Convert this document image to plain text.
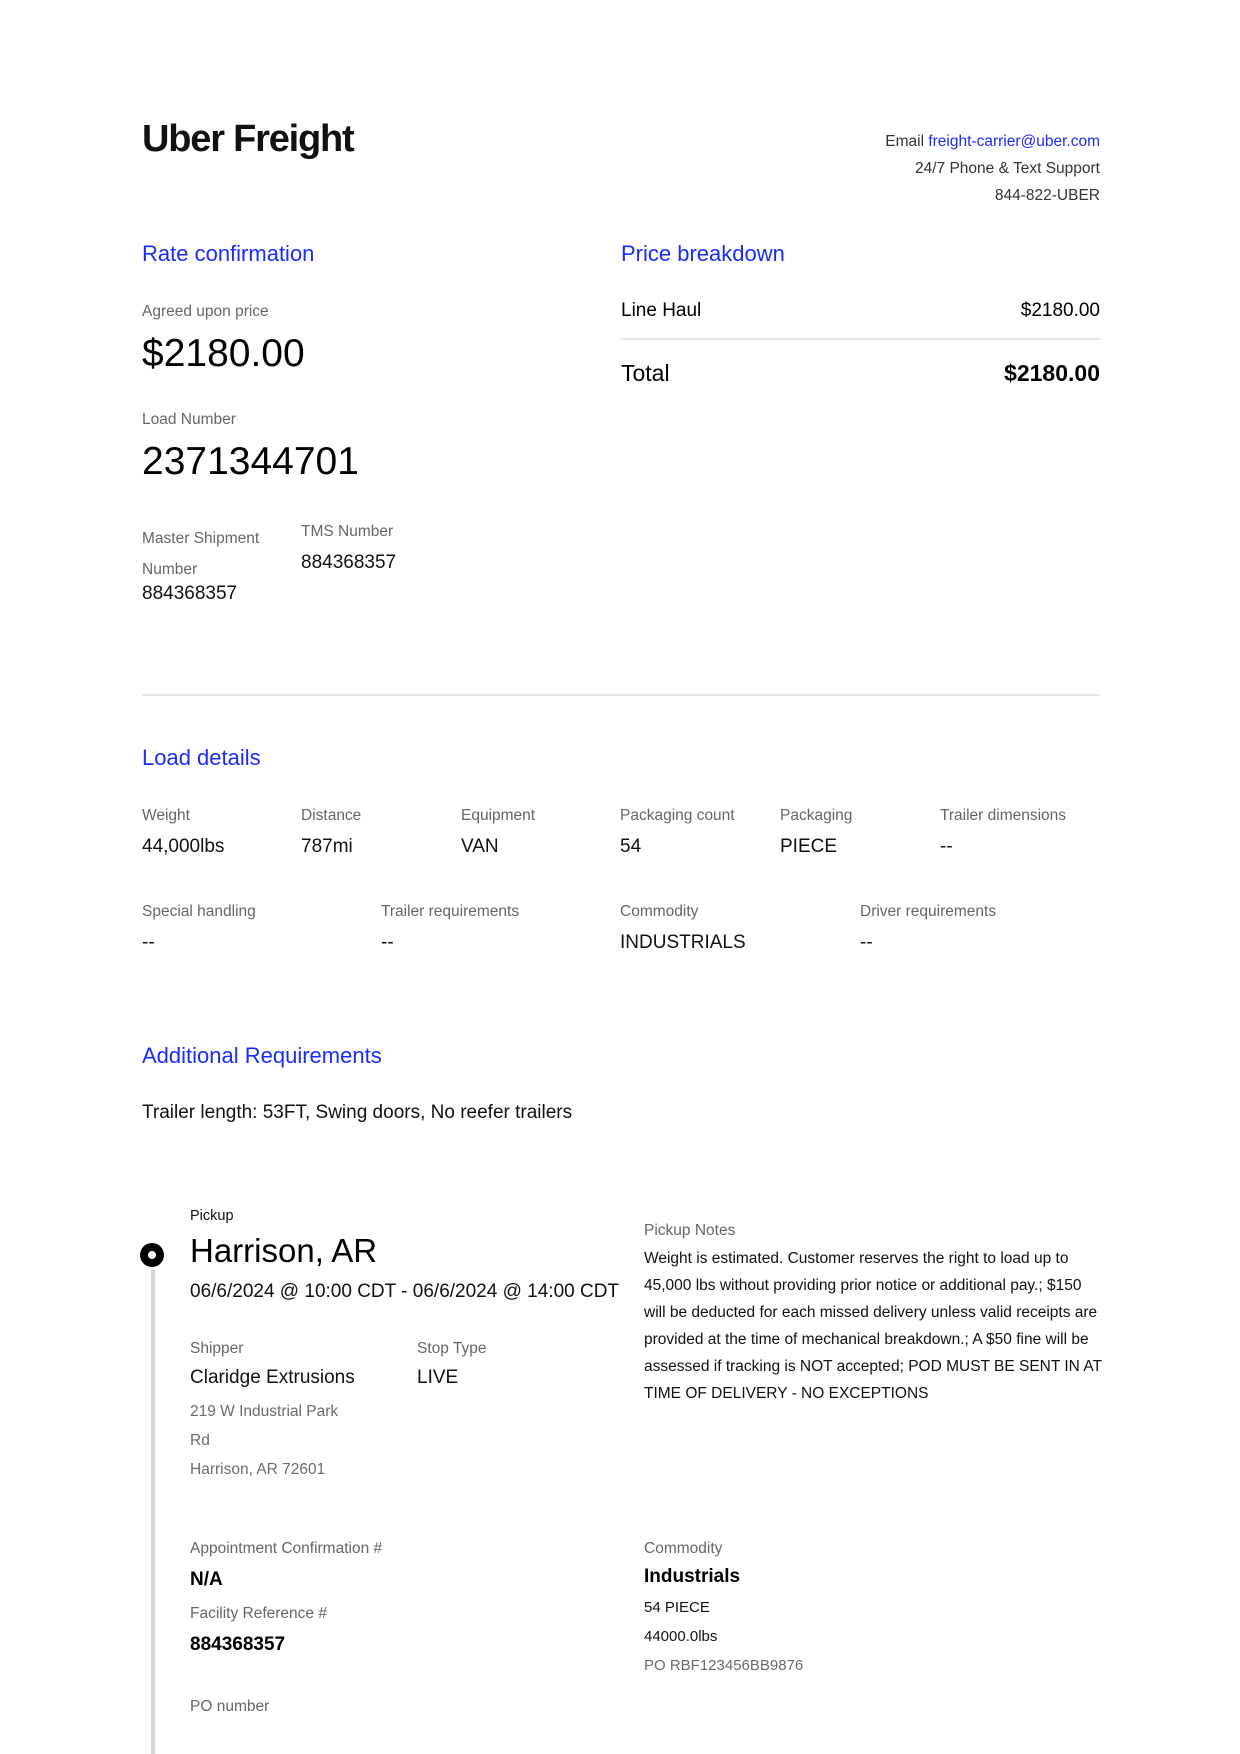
Uber Freight	Email freight-carrier@uber.com
24/7 Phone & Text Support
844-822-UBER
Rate confirmation
Agreed upon price
$2180.00
Load Number
2371344701
Master Shipment
Number
884368357
TMS Number
884368357
Price breakdown
Line Haul	$2180.00
Total	$2180.00
Load details
Weight
44,000lbs
Distance
787mi
Equipment
VAN
Packaging count
54
Packaging
PIECE
Trailer dimensions
--
Special handling
--
Trailer requirements
--
Commodity
INDUSTRIALS
Driver requirements
--
Additional Requirements
Trailer length: 53FT, Swing doors, No reefer trailers
Pickup
Harrison, AR
06/6/2024 @ 10:00 CDT - 06/6/2024 @ 14:00 CDT
Shipper
Claridge Extrusions
219 W Industrial Park
Rd
Harrison, AR 72601
Stop Type
LIVE
Pickup Notes
Weight is estimated. Customer reserves the right to load up to 45,000 lbs without providing prior notice or additional pay.; $150 will be deducted for each missed delivery unless valid receipts are provided at the time of mechanical breakdown.; A $50 fine will be assessed if tracking is NOT accepted; POD MUST BE SENT IN AT TIME OF DELIVERY - NO EXCEPTIONS
Appointment Confirmation #
N/A
Facility Reference #
884368357
PO number
Commodity
Industrials
54 PIECE
44000.0lbs
PO RBF123456BB9876
